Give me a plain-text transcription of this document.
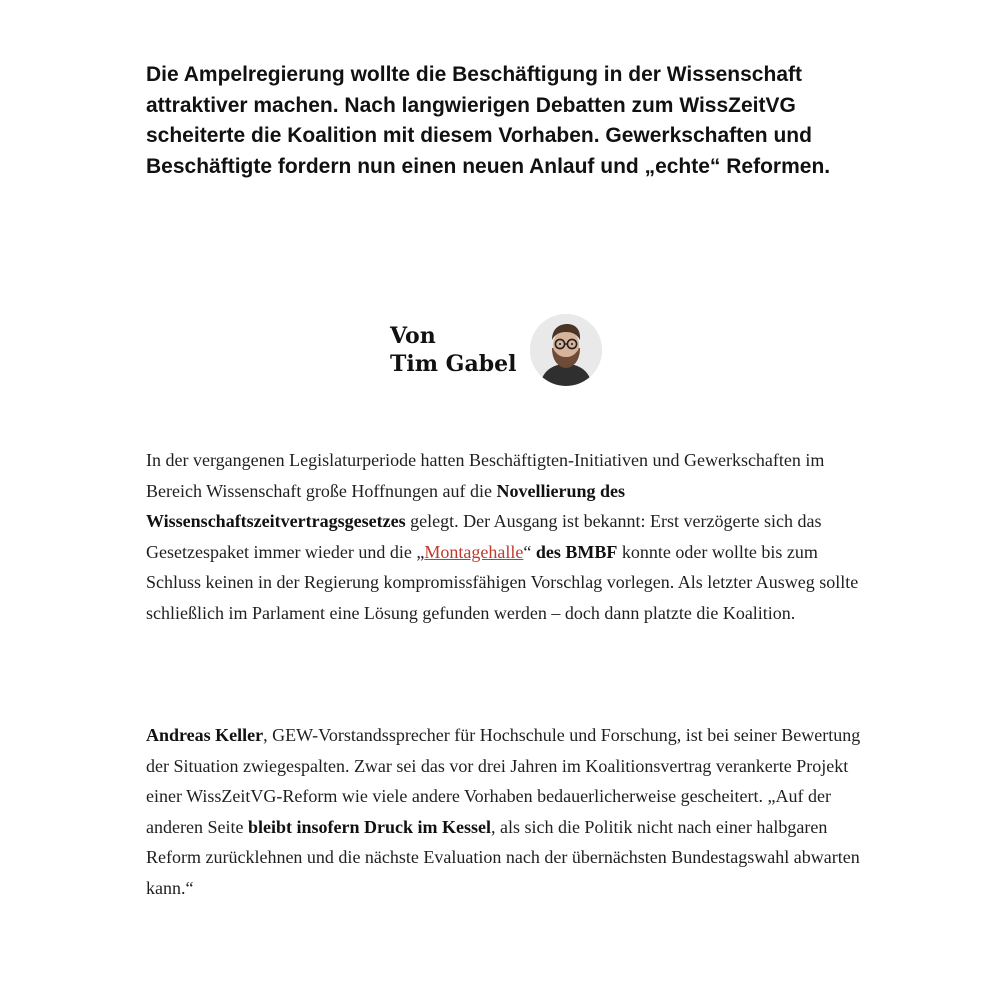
Die Ampelregierung wollte die Beschäftigung in der Wissenschaft attraktiver machen. Nach langwierigen Debatten zum WissZeitVG scheiterte die Koalition mit diesem Vorhaben. Gewerkschaften und Beschäftigte fordern nun einen neuen Anlauf und „echte“ Reformen.
Von
Tim Gabel

In der vergangenen Legislaturperiode hatten Beschäftigten-Initiativen und Gewerkschaften im Bereich Wissenschaft große Hoffnungen auf die Novellierung des Wissenschaftszeitvertragsgesetzes gelegt. Der Ausgang ist bekannt: Erst verzögerte sich das Gesetzespaket immer wieder und die „Montagehalle“ des BMBF konnte oder wollte bis zum Schluss keinen in der Regierung kompromissfähigen Vorschlag vorlegen. Als letzter Ausweg sollte schließlich im Parlament eine Lösung gefunden werden – doch dann platzte die Koalition.

Andreas Keller, GEW-Vorstandssprecher für Hochschule und Forschung, ist bei seiner Bewertung der Situation zwiegespalten. Zwar sei das vor drei Jahren im Koalitionsvertrag verankerte Projekt einer WissZeitVG-Reform wie viele andere Vorhaben bedauerlicherweise gescheitert. „Auf der anderen Seite bleibt insofern Druck im Kessel, als sich die Politik nicht nach einer halbgaren Reform zurücklehnen und die nächste Evaluation nach der übernächsten Bundestagswahl abwarten kann.“
